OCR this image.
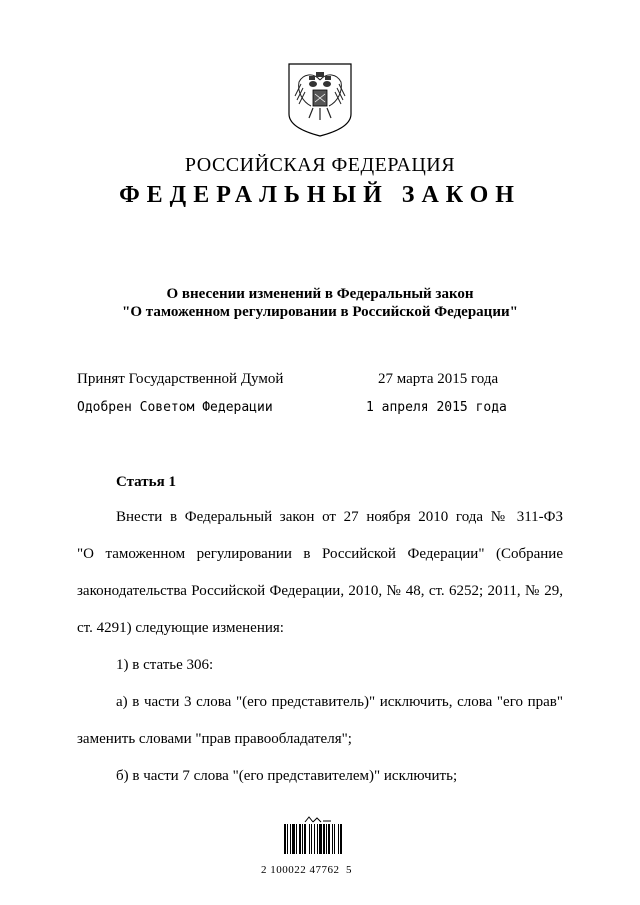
РОССИЙСКАЯ ФЕДЕРАЦИЯ
ФЕДЕРАЛЬНЫЙ ЗАКОН
О внесении изменений в Федеральный закон
"О таможенном регулировании в Российской Федерации"
Принят Государственной Думой	27 марта 2015 года
Одобрен Советом Федерации	1 апреля 2015 года
Статья 1
Внести в Федеральный закон от 27 ноября 2010 года № 311-ФЗ
"О таможенном регулировании в Российской Федерации" (Собрание
законодательства Российской Федерации, 2010, № 48, ст. 6252; 2011, № 29,
ст. 4291) следующие изменения:
1) в статье 306:
а) в части 3 слова "(его представитель)" исключить, слова "его прав"
заменить словами "прав правообладателя";
б) в части 7 слова "(его представителем)" исключить;
2 100022 47762  5
